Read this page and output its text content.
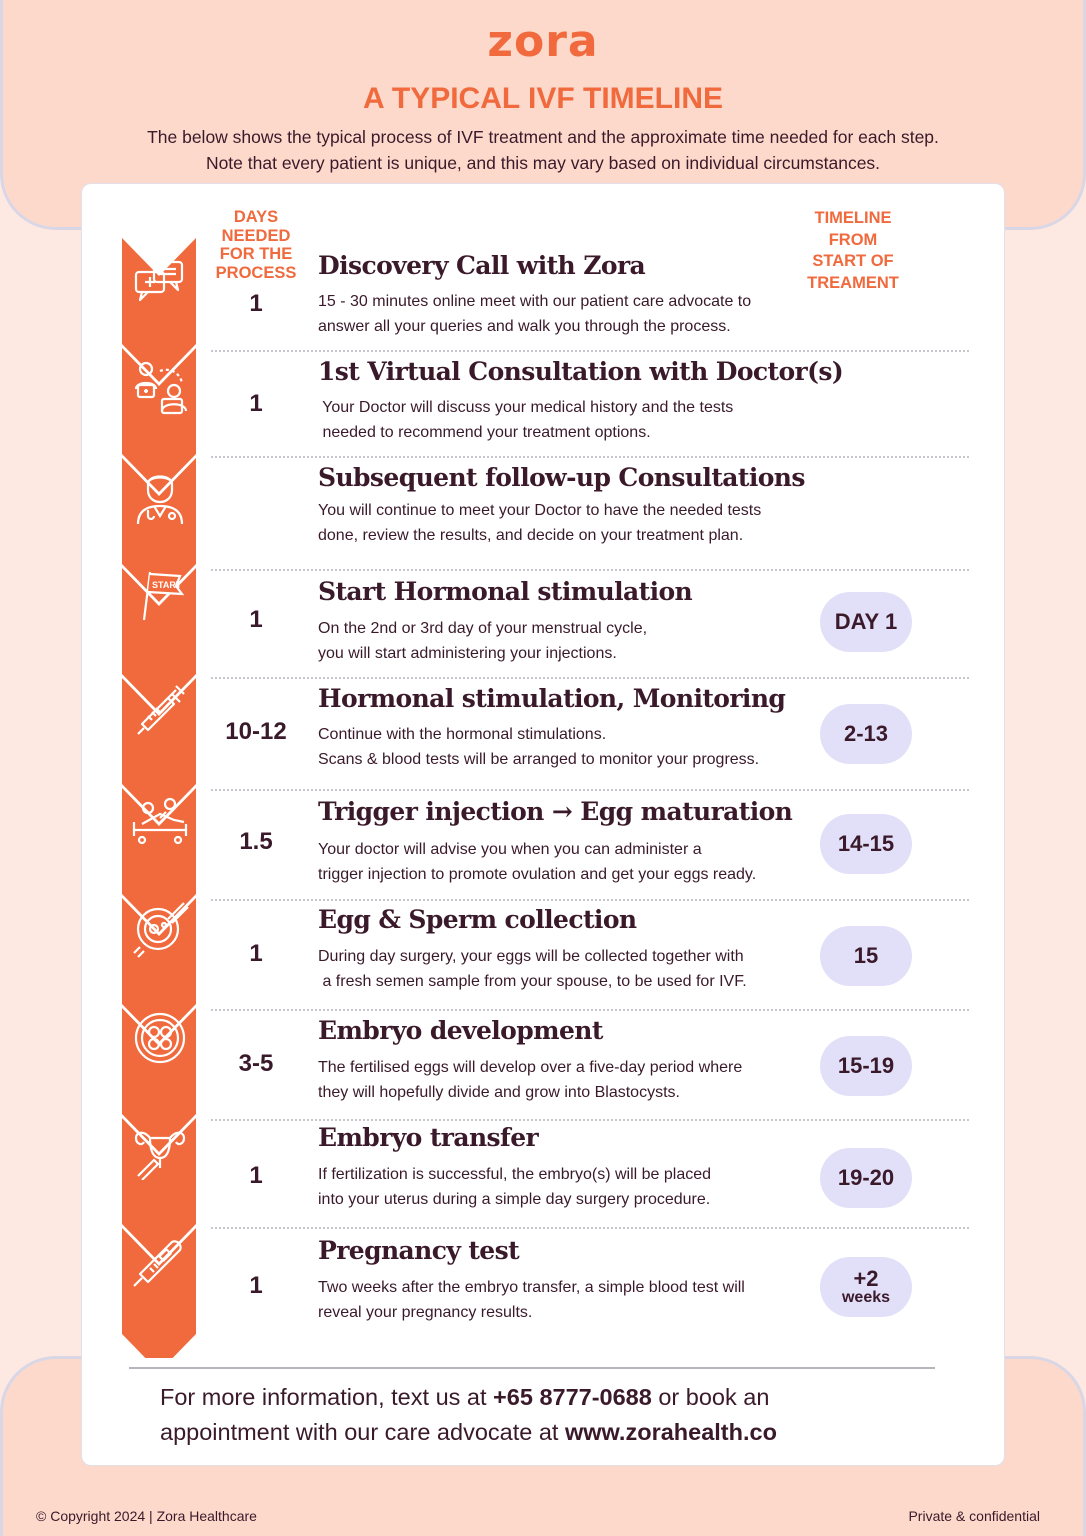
zora
A TYPICAL IVF TIMELINE
The below shows the typical process of IVF treatment and the approximate time needed for each step.
Note that every patient is unique, and this may vary based on individual circumstances.
DAYS
NEEDED
FOR THE
PROCESS
TIMELINE
FROM
START OF
TREAMENT
1
Discovery Call with Zora
15 - 30 minutes online meet with our patient care advocate to
answer all your queries and walk you through the process.
1
1st Virtual Consultation with Doctor(s)
Your Doctor will discuss your medical history and the tests
needed to recommend your treatment options.
Subsequent follow-up Consultations
You will continue to meet your Doctor to have the needed tests
done, review the results, and decide on your treatment plan.
START
1
Start Hormonal stimulation
On the 2nd or 3rd day of your menstrual cycle,
you will start administering your injections.
DAY 1
10-12
Hormonal stimulation, Monitoring
Continue with the hormonal stimulations.
Scans & blood tests will be arranged to monitor your progress.
2-13
1.5
Trigger injection → Egg maturation
Your doctor will advise you when you can administer a
trigger injection to promote ovulation and get your eggs ready.
14-15
1
Egg & Sperm collection
During day surgery, your eggs will be collected together with
a fresh semen sample from your spouse, to be used for IVF.
15
3-5
Embryo development
The fertilised eggs will develop over a five-day period where
they will hopefully divide and grow into Blastocysts.
15-19
1
Embryo transfer
If fertilization is successful, the embryo(s) will be placed
into your uterus during a simple day surgery procedure.
19-20
1
Pregnancy test
Two weeks after the embryo transfer, a simple blood test will
reveal your pregnancy results.
+2
weeks
For more information, text us at +65 8777-0688 or book an
appointment with our care advocate at www.zorahealth.co
© Copyright 2024 | Zora Healthcare	Private & confidential
